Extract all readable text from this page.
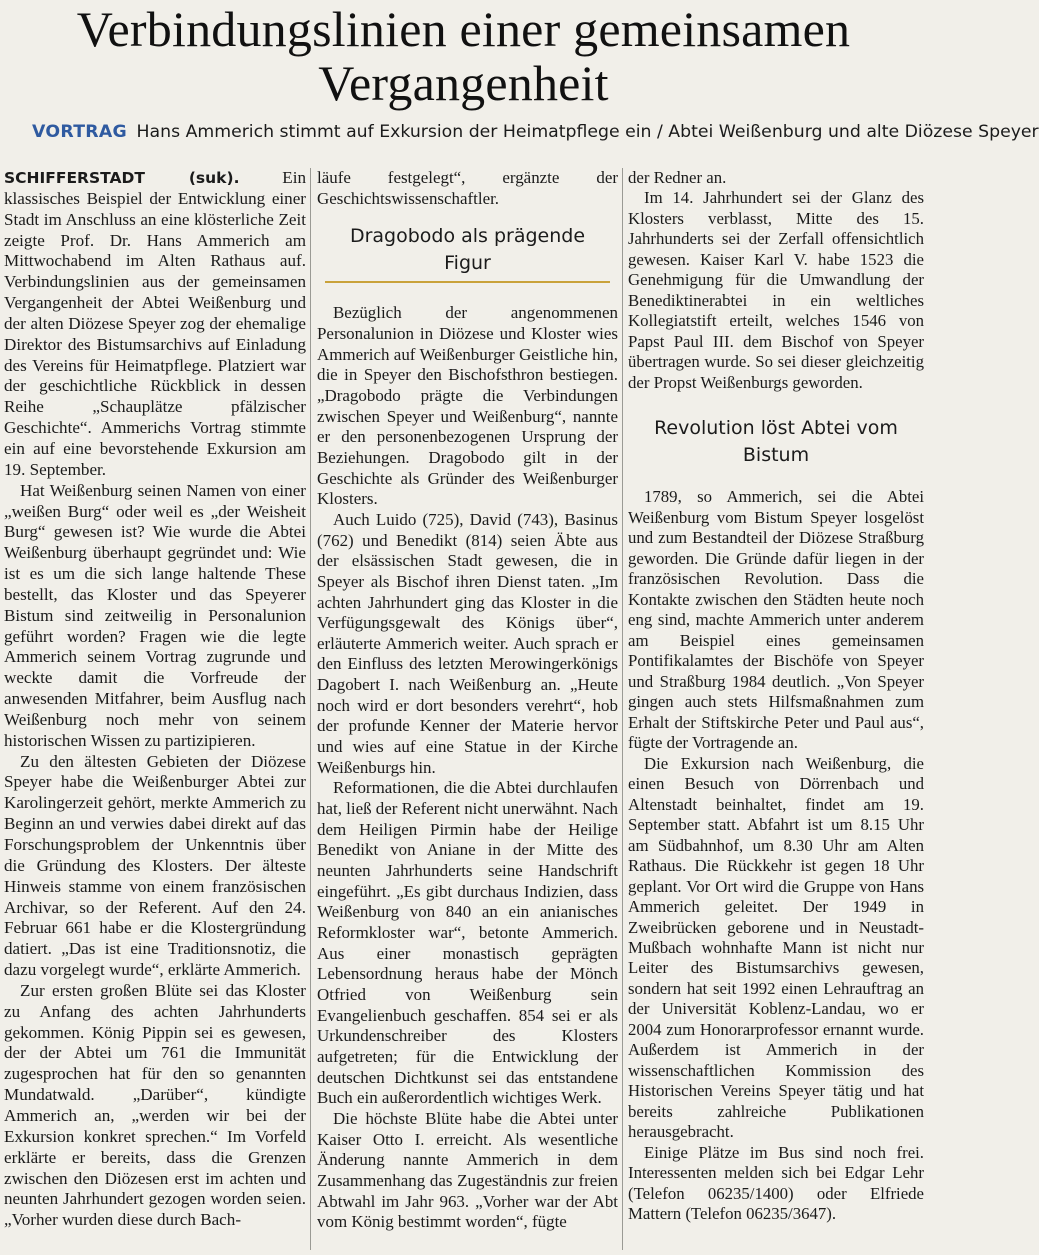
Verbindungslinien einer gemeinsamen
Vergangenheit
VORTRAG Hans Ammerich stimmt auf Exkursion der Heimatpflege ein / Abtei Weißenburg und alte Diözese Speyer

SCHIFFERSTADT (suk).	Ein klassisches Beispiel der Entwicklung einer Stadt im Anschluss an eine klösterliche Zeit zeigte Prof. Dr. Hans Ammerich am Mittwochabend im Alten Rathaus auf. Verbindungslinien aus der gemeinsamen Vergangenheit der Abtei Weißenburg und der alten Diözese Speyer zog der ehemalige Direktor des Bistumsarchivs auf Einladung des Vereins für Heimatpflege. Platziert war der geschichtliche Rückblick in dessen Reihe „Schauplätze pfälzischer Geschichte“. Ammerichs Vortrag stimmte ein auf eine bevorstehende Exkursion am 19. September.

Hat Weißenburg seinen Namen von einer „weißen Burg“ oder weil es „der Weisheit Burg“ gewesen ist? Wie wurde die Abtei Weißenburg überhaupt gegründet und: Wie ist es um die sich lange haltende These bestellt, das Kloster und das Speyerer Bistum sind zeitweilig in Personalunion geführt worden? Fragen wie die legte Ammerich seinem Vortrag zugrunde und weckte damit die Vorfreude der anwesenden Mitfahrer, beim Ausflug nach Weißenburg noch mehr von seinem historischen Wissen zu partizipieren.

Zu den ältesten Gebieten der Diözese Speyer habe die Weißenburger Abtei zur Karolingerzeit gehört, merkte Ammerich zu Beginn an und verwies dabei direkt auf das Forschungsproblem der Unkenntnis über die Gründung des Klosters. Der älteste Hinweis stamme von einem französischen Archivar, so der Referent. Auf den 24. Februar 661 habe er die Klostergründung datiert. „Das ist eine Traditionsnotiz, die dazu vorgelegt wurde“, erklärte Ammerich.

Zur ersten großen Blüte sei das Kloster zu Anfang des achten Jahrhunderts gekommen. König Pippin sei es gewesen, der der Abtei um 761 die Immunität zugesprochen hat für den so genannten Mundatwald. „Darüber“, kündigte Ammerich an, „werden wir bei der Exkursion konkret sprechen.“ Im Vorfeld erklärte er bereits, dass die Grenzen zwischen den Diözesen erst im achten und neunten Jahrhundert gezogen worden seien. „Vorher wurden diese durch Bach-

läufe festgelegt“, ergänzte der Geschichtswissenschaftler.

Dragobodo als prägende Figur

Bezüglich der angenommenen Personalunion in Diözese und Kloster wies Ammerich auf Weißenburger Geistliche hin, die in Speyer den Bischofsthron bestiegen. „Dragobodo prägte die Verbindungen zwischen Speyer und Weißenburg“, nannte er den personenbezogenen Ursprung der Beziehungen. Dragobodo gilt in der Geschichte als Gründer des Weißenburger Klosters.

Auch Luido (725), David (743), Basinus (762) und Benedikt (814) seien Äbte aus der elsässischen Stadt gewesen, die in Speyer als Bischof ihren Dienst taten. „Im achten Jahrhundert ging das Kloster in die Verfügungsgewalt des Königs über“, erläuterte Ammerich weiter. Auch sprach er den Einfluss des letzten Merowingerkönigs Dagobert I. nach Weißenburg an. „Heute noch wird er dort besonders verehrt“, hob der profunde Kenner der Materie hervor und wies auf eine Statue in der Kirche Weißenburgs hin.

Reformationen, die die Abtei durchlaufen hat, ließ der Referent nicht unerwähnt. Nach dem Heiligen Pirmin habe der Heilige Benedikt von Aniane in der Mitte des neunten Jahrhunderts seine Handschrift eingeführt. „Es gibt durchaus Indizien, dass Weißenburg von 840 an ein anianisches Reformkloster war“, betonte Ammerich. Aus einer monastisch geprägten Lebensordnung heraus habe der Mönch Otfried von Weißenburg sein Evangelienbuch geschaffen. 854 sei er als Urkundenschreiber des Klosters aufgetreten; für die Entwicklung der deutschen Dichtkunst sei das entstandene Buch ein außerordentlich wichtiges Werk.

Die höchste Blüte habe die Abtei unter Kaiser Otto I. erreicht. Als wesentliche Änderung nannte Ammerich in dem Zusammenhang das Zugeständnis zur freien Abtwahl im Jahr 963. „Vorher war der Abt vom König bestimmt worden“, fügte

der Redner an.

Im 14. Jahrhundert sei der Glanz des Klosters verblasst, Mitte des 15. Jahrhunderts sei der Zerfall offensichtlich gewesen. Kaiser Karl V. habe 1523 die Genehmigung für die Umwandlung der Benediktinerabtei in ein weltliches Kollegiatstift erteilt, welches 1546 von Papst Paul III. dem Bischof von Speyer übertragen wurde. So sei dieser gleichzeitig der Propst Weißenburgs geworden.

Revolution löst Abtei vom Bistum

1789, so Ammerich, sei die Abtei Weißenburg vom Bistum Speyer losgelöst und zum Bestandteil der Diözese Straßburg geworden. Die Gründe dafür liegen in der französischen Revolution. Dass die Kontakte zwischen den Städten heute noch eng sind, machte Ammerich unter anderem am Beispiel eines gemeinsamen Pontifikalamtes der Bischöfe von Speyer und Straßburg 1984 deutlich. „Von Speyer gingen auch stets Hilfsmaßnahmen zum Erhalt der Stiftskirche Peter und Paul aus“, fügte der Vortragende an.

Die Exkursion nach Weißenburg, die einen Besuch von Dörrenbach und Altenstadt beinhaltet, findet am 19. September statt. Abfahrt ist um 8.15 Uhr am Südbahnhof, um 8.30 Uhr am Alten Rathaus. Die Rückkehr ist gegen 18 Uhr geplant. Vor Ort wird die Gruppe von Hans Ammerich geleitet. Der 1949 in Zweibrücken geborene und in Neustadt-Mußbach wohnhafte Mann ist nicht nur Leiter des Bistumsarchivs gewesen, sondern hat seit 1992 einen Lehrauftrag an der Universität Koblenz-Landau, wo er 2004 zum Honorarprofessor ernannt wurde. Außerdem ist Ammerich in der wissenschaftlichen Kommission des Historischen Vereins Speyer tätig und hat bereits zahlreiche Publikationen herausgebracht.

Einige Plätze im Bus sind noch frei. Interessenten melden sich bei Edgar Lehr (Telefon 06235/1400) oder Elfriede Mattern (Telefon 06235/3647).
